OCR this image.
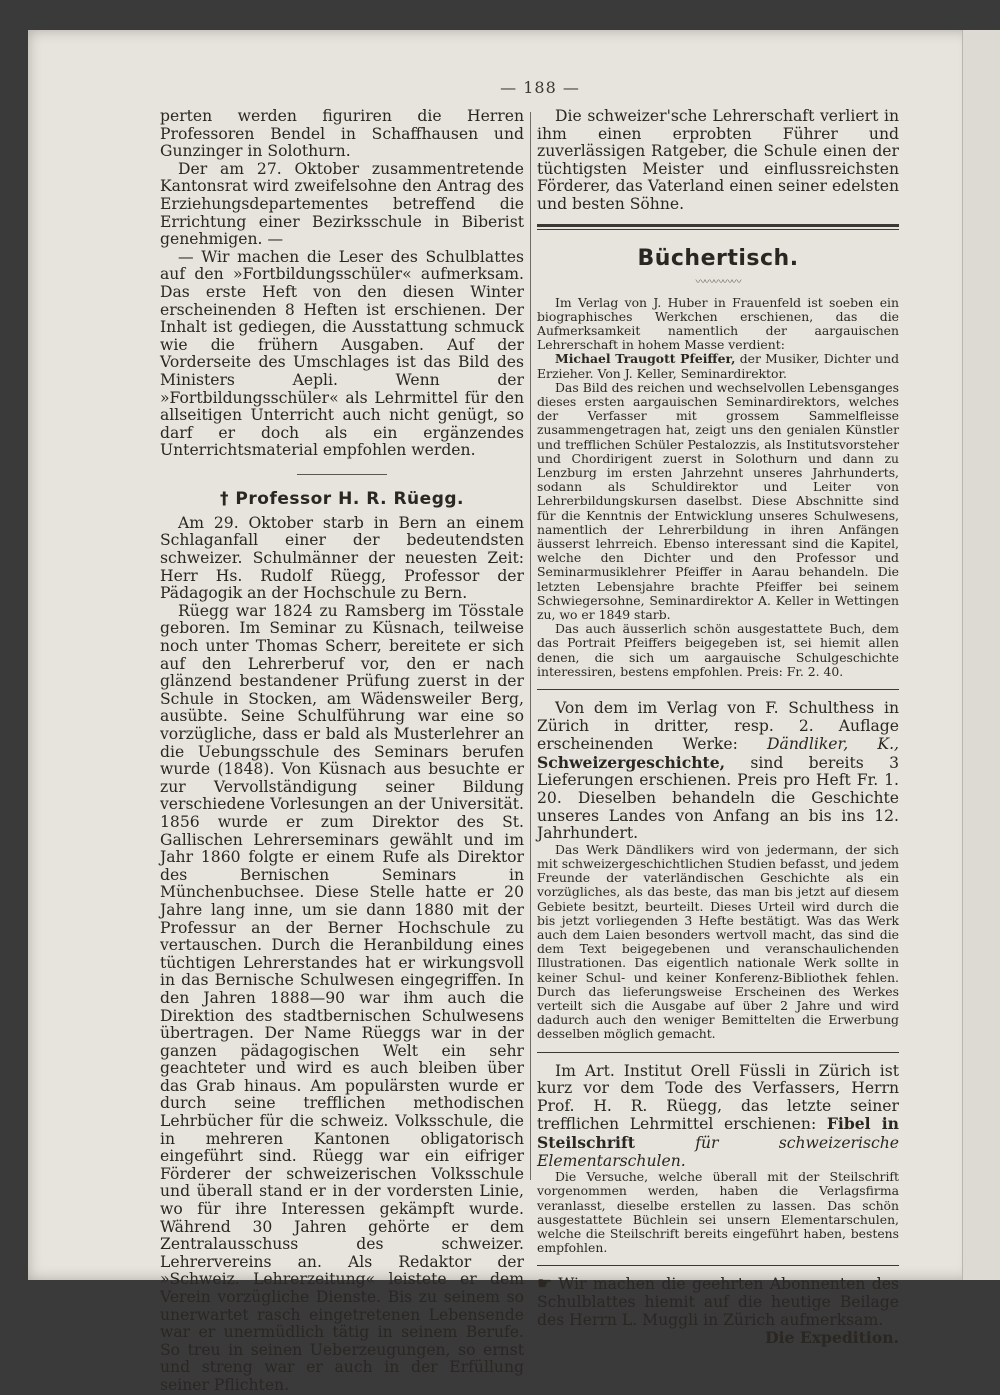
— 188 —

perten werden figuriren die Herren Professoren Bendel in Schaffhausen und Gunzinger in Solothurn.

Der am 27. Oktober zusammentretende Kantonsrat wird zweifelsohne den Antrag des Erziehungsdepartementes betreffend die Errichtung einer Bezirksschule in Biberist genehmigen. —

— Wir machen die Leser des Schulblattes auf den »Fortbildungsschüler« aufmerksam. Das erste Heft von den diesen Winter erscheinenden 8 Heften ist erschienen. Der Inhalt ist gediegen, die Ausstattung schmuck wie die frühern Ausgaben. Auf der Vorderseite des Umschlages ist das Bild des Ministers Aepli. Wenn der »Fortbildungsschüler« als Lehrmittel für den allseitigen Unterricht auch nicht genügt, so darf er doch als ein ergänzendes Unterrichtsmaterial empfohlen werden.

† Professor H. R. Rüegg.

Am 29. Oktober starb in Bern an einem Schlaganfall einer der bedeutendsten schweizer. Schulmänner der neuesten Zeit: Herr Hs. Rudolf Rüegg, Professor der Pädagogik an der Hochschule zu Bern.

Rüegg war 1824 zu Ramsberg im Tösstale geboren. Im Seminar zu Küsnach, teilweise noch unter Thomas Scherr, bereitete er sich auf den Lehrerberuf vor, den er nach glänzend bestandener Prüfung zuerst in der Schule in Stocken, am Wädensweiler Berg, ausübte. Seine Schulführung war eine so vorzügliche, dass er bald als Musterlehrer an die Uebungsschule des Seminars berufen wurde (1848). Von Küsnach aus besuchte er zur Vervollständigung seiner Bildung verschiedene Vorlesungen an der Universität. 1856 wurde er zum Direktor des St. Gallischen Lehrerseminars gewählt und im Jahr 1860 folgte er einem Rufe als Direktor des Bernischen Seminars in Münchenbuchsee. Diese Stelle hatte er 20 Jahre lang inne, um sie dann 1880 mit der Professur an der Berner Hochschule zu vertauschen. Durch die Heranbildung eines tüchtigen Lehrerstandes hat er wirkungsvoll in das Bernische Schulwesen eingegriffen. In den Jahren 1888—90 war ihm auch die Direktion des stadtbernischen Schulwesens übertragen. Der Name Rüeggs war in der ganzen pädagogischen Welt ein sehr geachteter und wird es auch bleiben über das Grab hinaus. Am populärsten wurde er durch seine trefflichen methodischen Lehrbücher für die schweiz. Volksschule, die in mehreren Kantonen obligatorisch eingeführt sind. Rüegg war ein eifriger Förderer der schweizerischen Volksschule und überall stand er in der vordersten Linie, wo für ihre Interessen gekämpft wurde. Während 30 Jahren gehörte er dem Zentralausschuss des schweizer. Lehrervereins an. Als Redaktor der »Schweiz. Lehrerzeitung« leistete er dem Verein vorzügliche Dienste. Bis zu seinem so unerwartet rasch eingetretenen Lebensende war er unermüdlich tätig in seinem Berufe. So treu in seinen Ueberzeugungen, so ernst und streng war er auch in der Erfüllung seiner Pflichten.

Die schweizer'sche Lehrerschaft verliert in ihm einen erprobten Führer und zuverlässigen Ratgeber, die Schule einen der tüchtigsten Meister und einflussreichsten Förderer, das Vaterland einen seiner edelsten und besten Söhne.

Büchertisch.
〰〰〰〰〰

Im Verlag von J. Huber in Frauenfeld ist soeben ein biographisches Werkchen erschienen, das die Aufmerksamkeit namentlich der aargauischen Lehrerschaft in hohem Masse verdient:

Michael Traugott Pfeiffer, der Musiker, Dichter und Erzieher. Von J. Keller, Seminardirektor.

Das Bild des reichen und wechselvollen Lebensganges dieses ersten aargauischen Seminardirektors, welches der Verfasser mit grossem Sammelfleisse zusammengetragen hat, zeigt uns den genialen Künstler und trefflichen Schüler Pestalozzis, als Institutsvorsteher und Chordirigent zuerst in Solothurn und dann zu Lenzburg im ersten Jahrzehnt unseres Jahrhunderts, sodann als Schuldirektor und Leiter von Lehrerbildungskursen daselbst. Diese Abschnitte sind für die Kenntnis der Entwicklung unseres Schulwesens, namentlich der Lehrerbildung in ihren Anfängen äusserst lehrreich. Ebenso interessant sind die Kapitel, welche den Dichter und den Professor und Seminarmusiklehrer Pfeiffer in Aarau behandeln. Die letzten Lebensjahre brachte Pfeiffer bei seinem Schwiegersohne, Seminardirektor A. Keller in Wettingen zu, wo er 1849 starb.

Das auch äusserlich schön ausgestattete Buch, dem das Portrait Pfeiffers beigegeben ist, sei hiemit allen denen, die sich um aargauische Schulgeschichte interessiren, bestens empfohlen. Preis: Fr. 2. 40.

Von dem im Verlag von F. Schulthess in Zürich in dritter, resp. 2. Auflage erscheinenden Werke: Dändliker, K., Schweizergeschichte, sind bereits 3 Lieferungen erschienen. Preis pro Heft Fr. 1. 20. Dieselben behandeln die Geschichte unseres Landes von Anfang an bis ins 12. Jahrhundert.

Das Werk Dändlikers wird von jedermann, der sich mit schweizergeschichtlichen Studien befasst, und jedem Freunde der vaterländischen Geschichte als ein vorzügliches, als das beste, das man bis jetzt auf diesem Gebiete besitzt, beurteilt. Dieses Urteil wird durch die bis jetzt vorliegenden 3 Hefte bestätigt. Was das Werk auch dem Laien besonders wertvoll macht, das sind die dem Text beigegebenen und veranschaulichenden Illustrationen. Das eigentlich nationale Werk sollte in keiner Schul- und keiner Konferenz-Bibliothek fehlen. Durch das lieferungsweise Erscheinen des Werkes verteilt sich die Ausgabe auf über 2 Jahre und wird dadurch auch den weniger Bemittelten die Erwerbung desselben möglich gemacht.

Im Art. Institut Orell Füssli in Zürich ist kurz vor dem Tode des Verfassers, Herrn Prof. H. R. Rüegg, das letzte seiner trefflichen Lehrmittel erschienen: Fibel in Steilschrift für schweizerische Elementarschulen.

Die Versuche, welche überall mit der Steilschrift vorgenommen werden, haben die Verlagsfirma veranlasst, dieselbe erstellen zu lassen. Das schön ausgestattete Büchlein sei unsern Elementarschulen, welche die Steilschrift bereits eingeführt haben, bestens empfohlen.

☛ Wir machen die geehrten Abonnenten des Schulblattes hiemit auf die heutige Beilage des Herrn L. Muggli in Zürich aufmerksam.

Die Expedition.
